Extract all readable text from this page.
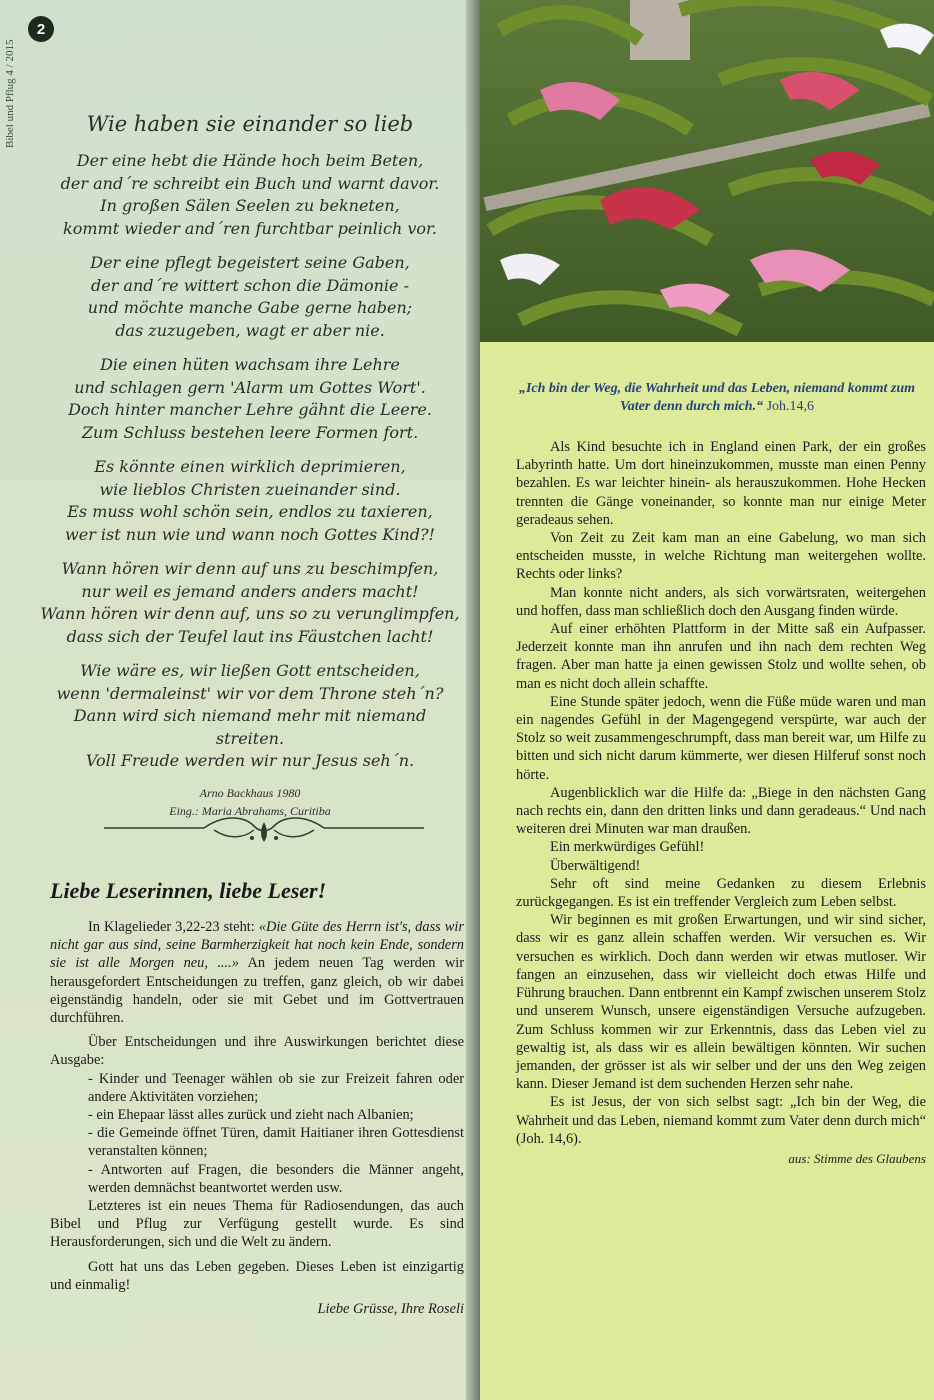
2
Bibel und Pflug 4 / 2015	Wie haben sie einander so lieb
Der eine hebt die Hände hoch beim Beten,
der and´re schreibt ein Buch und warnt davor.
In großen Sälen Seelen zu bekneten,
kommt wieder and´ren furchtbar peinlich vor.
Der eine pflegt begeistert seine Gaben,
der and´re wittert schon die Dämonie -
und möchte manche Gabe gerne haben;
das zuzugeben, wagt er aber nie.
Die einen hüten wachsam ihre Lehre
und schlagen gern 'Alarm um Gottes Wort'.
Doch hinter mancher Lehre gähnt die Leere.
Zum Schluss bestehen leere Formen fort.
Es könnte einen wirklich deprimieren,
wie lieblos Christen zueinander sind.
Es muss wohl schön sein, endlos zu taxieren,
wer ist nun wie und wann noch Gottes Kind?!
Wann hören wir denn auf uns zu beschimpfen,
nur weil es jemand anders anders macht!
Wann hören wir denn auf, uns so zu verunglimpfen,
dass sich der Teufel laut ins Fäustchen lacht!
Wie wäre es, wir ließen Gott entscheiden,
wenn 'dermaleinst' wir vor dem Throne steh´n?
Dann wird sich niemand mehr mit niemand streiten.
Voll Freude werden wir nur Jesus seh´n.
Arno Backhaus 1980
Eing.: Maria Abrahams, Curitiba
Liebe Leserinnen, liebe Leser!

In Klagelieder 3,22-23 steht: «Die Güte des Herrn ist's, dass wir nicht gar aus sind, seine Barmherzigkeit hat noch kein Ende, sondern sie ist alle Morgen neu, ....» An jedem neuen Tag werden wir herausgefordert Entscheidungen zu treffen, ganz gleich, ob wir dabei eigenständig handeln, oder sie mit Gebet und im Gottvertrauen durchführen.

Über Entscheidungen und ihre Auswirkungen berichtet diese Ausgabe:

- Kinder und Teenager wählen ob sie zur Freizeit fahren oder andere Aktivitäten vorziehen;

- ein Ehepaar lässt alles zurück und zieht nach Albanien;

- die Gemeinde öffnet Türen, damit Haitianer ihren Gottesdienst veranstalten können;

- Antworten auf Fragen, die besonders die Männer angeht, werden demnächst beantwortet werden usw.

Letzteres ist ein neues Thema für Radiosendungen, das auch Bibel und Pflug zur Verfügung gestellt wurde. Es sind Herausforderungen, sich und die Welt zu ändern.

Gott hat uns das Leben gegeben. Dieses Leben ist einzigartig und einmalig!

Liebe Grüsse, Ihre Roseli

„Ich bin der Weg, die Wahrheit und das Leben, niemand kommt zum Vater denn durch mich.“ Joh.14,6

Als Kind besuchte ich in England einen Park, der ein großes Labyrinth hatte. Um dort hineinzukommen, musste man einen Penny bezahlen. Es war leichter hinein- als herauszukommen. Hohe Hecken trennten die Gänge voneinander, so konnte man nur einige Meter geradeaus sehen.

Von Zeit zu Zeit kam man an eine Gabelung, wo man sich entscheiden musste, in welche Richtung man weitergehen wollte. Rechts oder links?

Man konnte nicht anders, als sich vorwärtsraten, weitergehen und hoffen, dass man schließlich doch den Ausgang finden würde.

Auf einer erhöhten Plattform in der Mitte saß ein Aufpasser. Jederzeit konnte man ihn anrufen und ihn nach dem rechten Weg fragen. Aber man hatte ja einen gewissen Stolz und wollte sehen, ob man es nicht doch allein schaffte.

Eine Stunde später jedoch, wenn die Füße müde waren und man ein nagendes Gefühl in der Magengegend verspürte, war auch der Stolz so weit zusammengeschrumpft, dass man bereit war, um Hilfe zu bitten und sich nicht darum kümmerte, wer diesen Hilferuf sonst noch hörte.

Augenblicklich war die Hilfe da: „Biege in den nächsten Gang nach rechts ein, dann den dritten links und dann geradeaus.“ Und nach weiteren drei Minuten war man draußen.

Ein merkwürdiges Gefühl!

Überwältigend!

Sehr oft sind meine Gedanken zu diesem Erlebnis zurückgegangen. Es ist ein treffender Vergleich zum Leben selbst.

Wir beginnen es mit großen Erwartungen, und wir sind sicher, dass wir es ganz allein schaffen werden. Wir versuchen es. Wir versuchen es wirklich. Doch dann werden wir etwas mutloser. Wir fangen an einzusehen, dass wir vielleicht doch etwas Hilfe und Führung brauchen. Dann entbrennt ein Kampf zwischen unserem Stolz und unserem Wunsch, unsere eigenständigen Versuche aufzugeben. Zum Schluss kommen wir zur Erkenntnis, dass das Leben viel zu gewaltig ist, als dass wir es allein bewältigen könnten. Wir suchen jemanden, der grösser ist als wir selber und der uns den Weg zeigen kann. Dieser Jemand ist dem suchenden Herzen sehr nahe.

Es ist Jesus, der von sich selbst sagt: „Ich bin der Weg, die Wahrheit und das Leben, niemand kommt zum Vater denn durch mich“ (Joh. 14,6).

aus: Stimme des Glaubens
